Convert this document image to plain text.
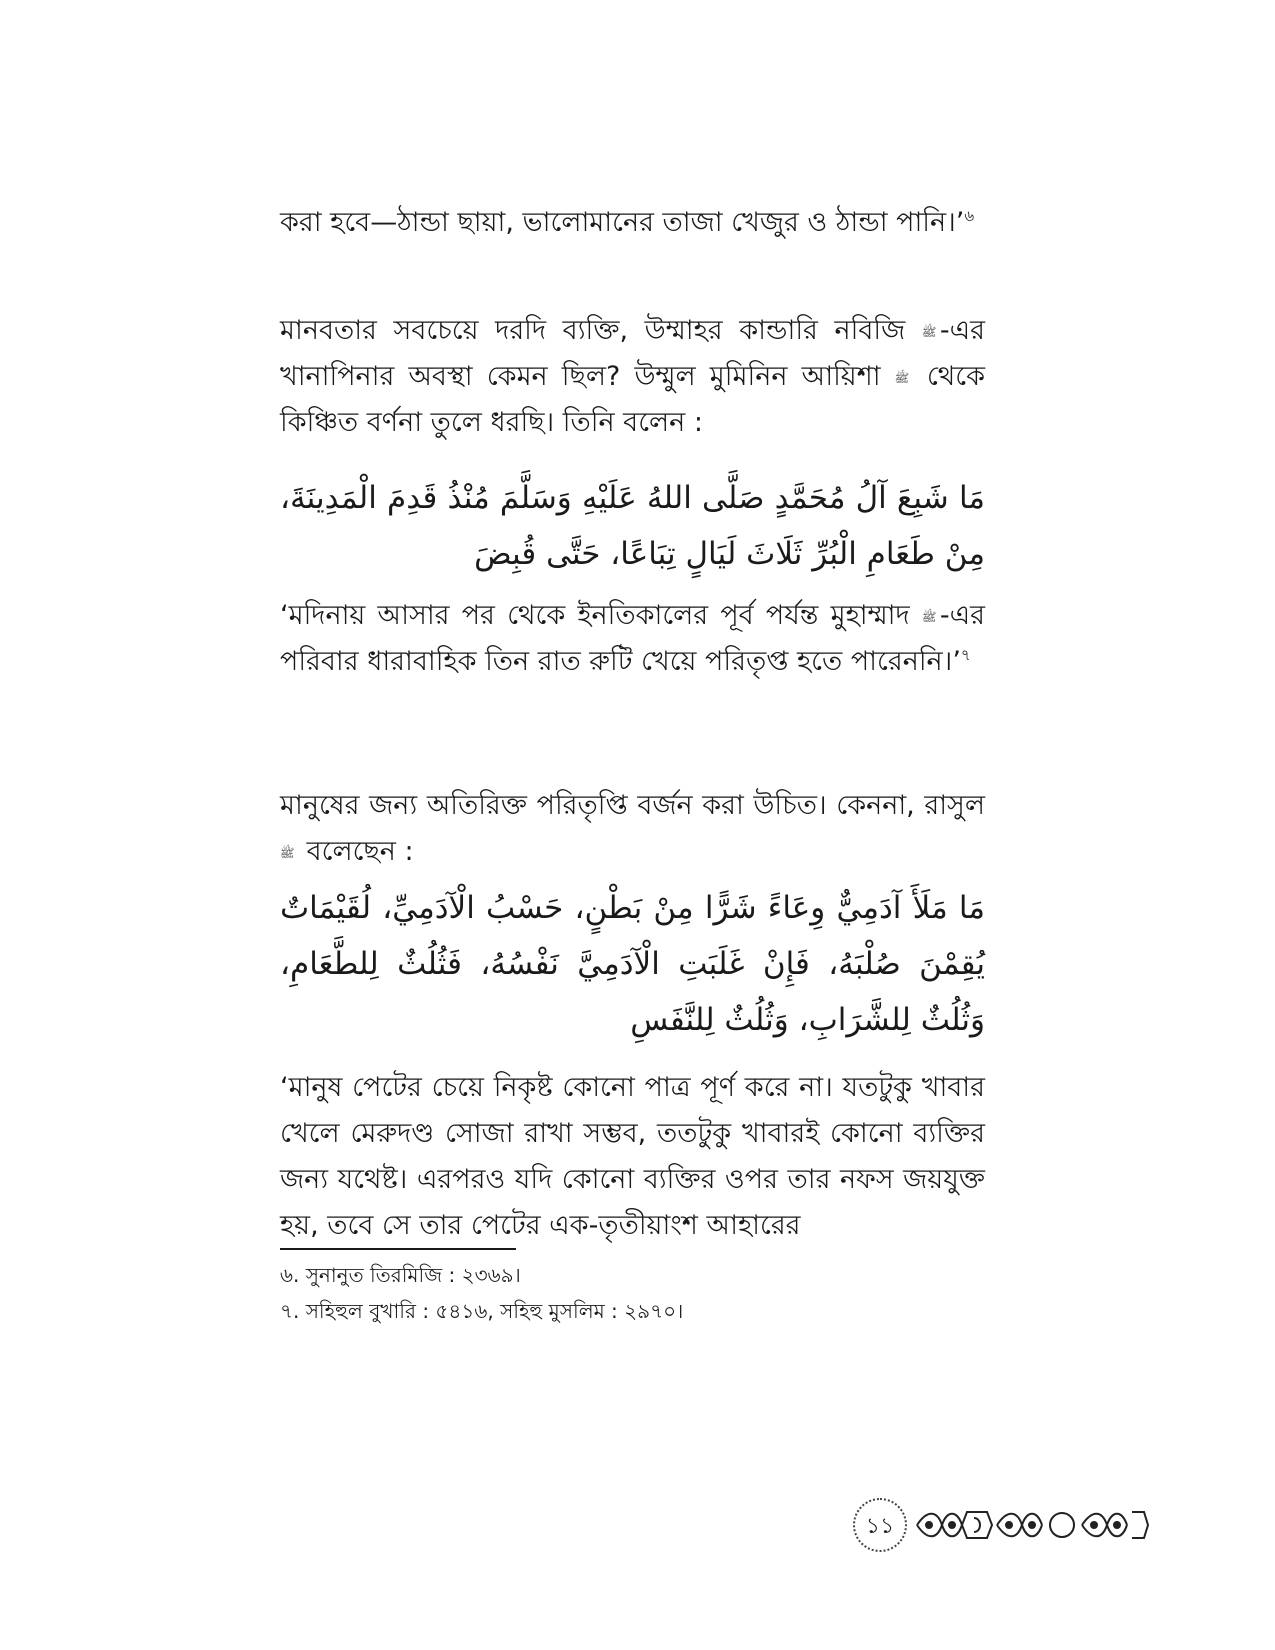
করা হবে—ঠান্ডা ছায়া, ভালোমানের তাজা খেজুর ও ঠান্ডা পানি।’$^৬$

মানবতার সবচেয়ে দরদি ব্যক্তি, উম্মাহর কান্ডারি নবিজি ﷺ -এর খানাপিনার অবস্থা কেমন ছিল? উম্মুল মুমিনিন আয়িশা ﷺ থেকে কিঞ্চিত বর্ণনা তুলে ধরছি। তিনি বলেন :

مَا شَبِعَ آلُ مُحَمَّدٍ صَلَّى اللهُ عَلَيْهِ وَسَلَّمَ مُنْذُ قَدِمَ الْمَدِينَةَ، مِنْ طَعَامِ الْبُرِّ ثَلَاثَ لَيَالٍ تِبَاعًا، حَتَّى قُبِضَ

‘মদিনায় আসার পর থেকে ইনতিকালের পূর্ব পর্যন্ত মুহাম্মাদ ﷺ -এর পরিবার ধারাবাহিক তিন রাত রুটি খেয়ে পরিতৃপ্ত হতে পারেননি।’$^৭$

মানুষের জন্য অতিরিক্ত পরিতৃপ্তি বর্জন করা উচিত। কেননা, রাসুল ﷺ বলেছেন :

مَا مَلَأَ آدَمِيٌّ وِعَاءً شَرًّا مِنْ بَطْنٍ، حَسْبُ الْآدَمِيِّ، لُقَيْمَاتٌ يُقِمْنَ صُلْبَهُ، فَإِنْ غَلَبَتِ الْآدَمِيَّ نَفْسُهُ، فَثُلُثٌ لِلطَّعَامِ، وَثُلُثٌ لِلشَّرَابِ، وَثُلُثٌ لِلنَّفَسِ

‘মানুষ পেটের চেয়ে নিকৃষ্ট কোনো পাত্র পূর্ণ করে না। যতটুকু খাবার খেলে মেরুদণ্ড সোজা রাখা সম্ভব, ততটুকু খাবারই কোনো ব্যক্তির জন্য যথেষ্ট। এরপরও যদি কোনো ব্যক্তির ওপর তার নফস জয়যুক্ত হয়, তবে সে তার পেটের এক-তৃতীয়াংশ আহারের

৬. সুনানুত তিরমিজি : ২৩৬৯।

৭. সহিহুল বুখারি : ৫৪১৬, সহিহু মুসলিম : ২৯৭০।

১১
